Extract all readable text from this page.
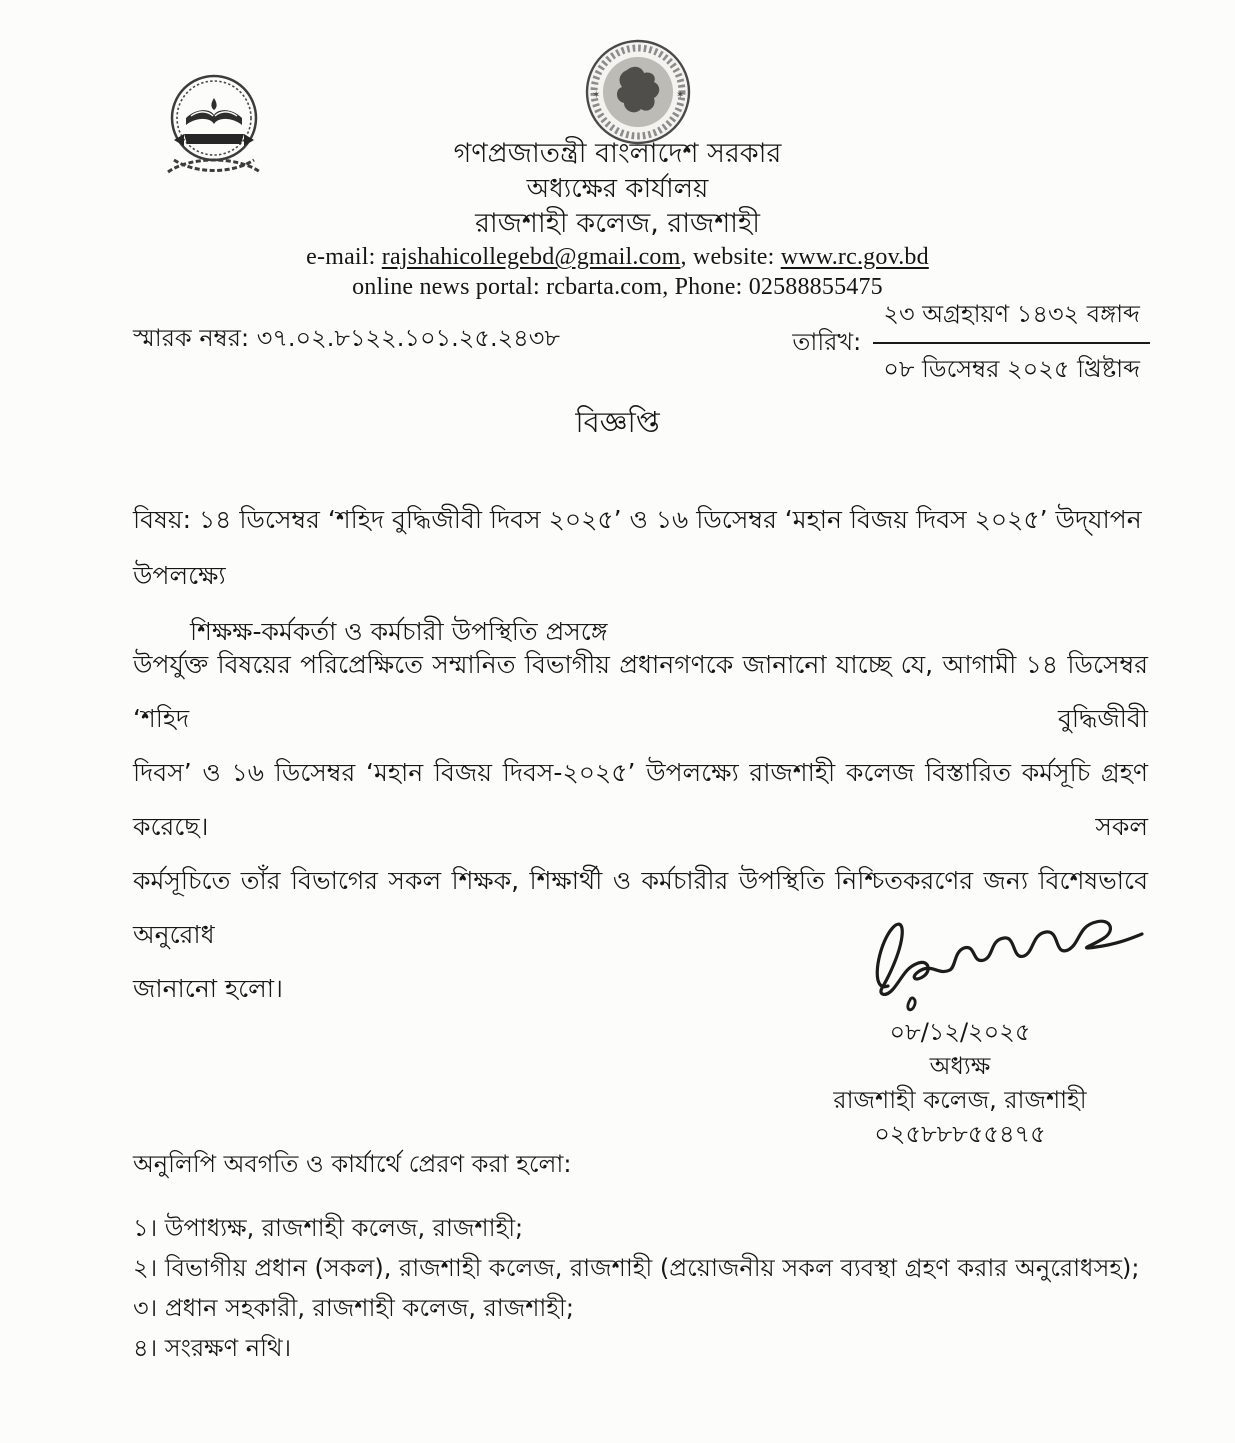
✶	✶
গণপ্রজাতন্ত্রী বাংলাদেশ সরকার
অধ্যক্ষের কার্যালয়
রাজশাহী কলেজ, রাজশাহী
e-mail: rajshahicollegebd@gmail.com, website: www.rc.gov.bd
online news portal: rcbarta.com, Phone: 02588855475
স্মারক নম্বর: ৩৭.০২.৮১২২.১০১.২৫.২৪৩৮	তারিখ:
২৩ অগ্রহায়ণ ১৪৩২ বঙ্গাব্দ
০৮ ডিসেম্বর ২০২৫ খ্রিষ্টাব্দ
বিজ্ঞপ্তি
বিষয়: ১৪ ডিসেম্বর ‘শহিদ বুদ্ধিজীবী দিবস ২০২৫’ ও ১৬ ডিসেম্বর ‘মহান বিজয় দিবস ২০২৫’ উদ্‌যাপন উপলক্ষ্যে
শিক্ষক্ষ-কর্মকর্তা ও কর্মচারী উপস্থিতি প্রসঙ্গে
উপর্যুক্ত বিষয়ের পরিপ্রেক্ষিতে সম্মানিত বিভাগীয় প্রধানগণকে জানানো যাচ্ছে যে, আগামী ১৪ ডিসেম্বর ‘শহিদ বুদ্ধিজীবী
দিবস’ ও ১৬ ডিসেম্বর ‘মহান বিজয় দিবস-২০২৫’ উপলক্ষ্যে রাজশাহী কলেজ বিস্তারিত কর্মসূচি গ্রহণ করেছে। সকল
কর্মসূচিতে তাঁর বিভাগের সকল শিক্ষক, শিক্ষার্থী ও কর্মচারীর উপস্থিতি নিশ্চিতকরণের জন্য বিশেষভাবে অনুরোধ
জানানো হলো।
০৮/১২/২০২৫
অধ্যক্ষ
রাজশাহী কলেজ, রাজশাহী
০২৫৮৮৮৫৫৪৭৫
অনুলিপি অবগতি ও কার্যার্থে প্রেরণ করা হলো:
১। উপাধ্যক্ষ, রাজশাহী কলেজ, রাজশাহী;
২। বিভাগীয় প্রধান (সকল), রাজশাহী কলেজ, রাজশাহী (প্রয়োজনীয় সকল ব্যবস্থা গ্রহণ করার অনুরোধসহ);
৩। প্রধান সহকারী, রাজশাহী কলেজ, রাজশাহী;
৪। সংরক্ষণ নথি।
